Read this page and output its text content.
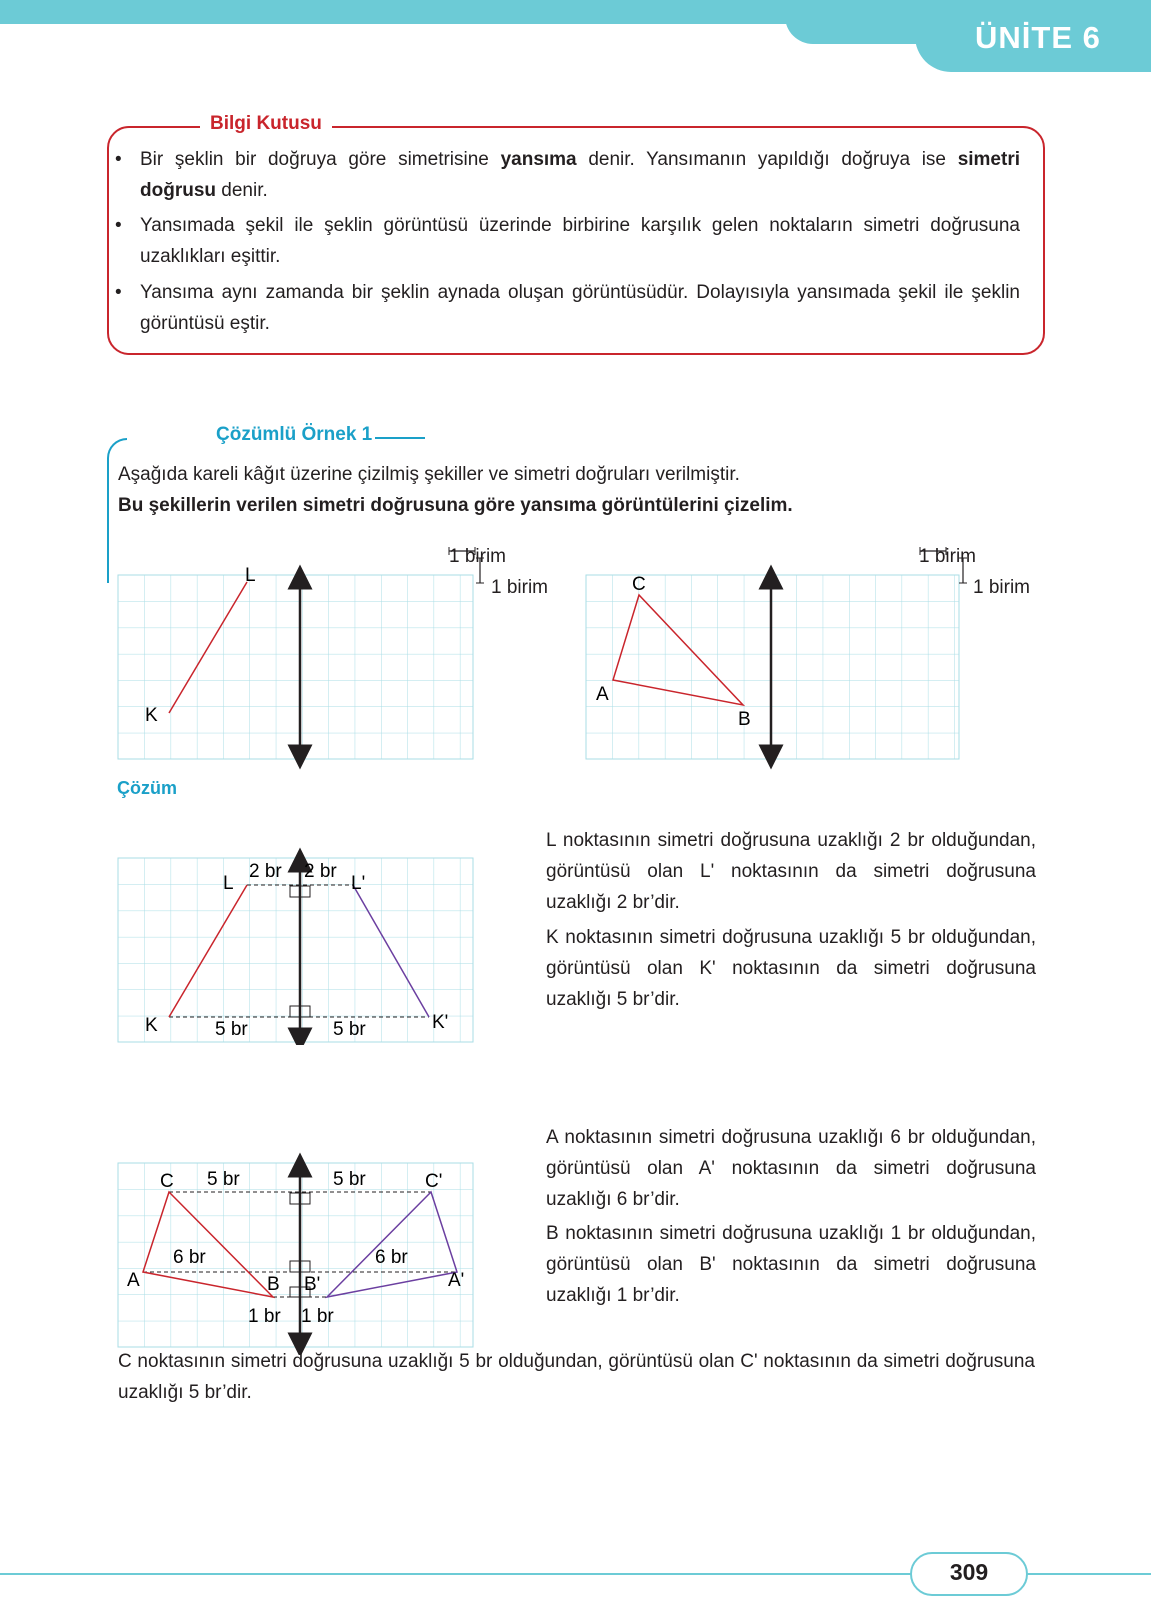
ÜNİTE 6
Bilgi Kutusu
• Bir şeklin bir doğruya göre simetrisine yansıma denir. Yansımanın yapıldığı doğruya ise simetri doğrusu denir.
• Yansımada şekil ile şeklin görüntüsü üzerinde birbirine karşılık gelen noktaların simetri doğrusuna uzaklıkları eşittir.
• Yansıma aynı zamanda bir şeklin aynada oluşan görüntüsüdür. Dolayısıyla yansımada şekil ile şeklin görüntüsü eştir.
Çözümlü Örnek 1
Aşağıda kareli kâğıt üzerine çizilmiş şekiller ve simetri doğruları verilmiştir.
Bu şekillerin verilen simetri doğrusuna göre yansıma görüntülerini çizelim.
K
L
1 birim
1 birim	C
A
B
1 birim
1 birim
Çözüm
K
L	L'
K'
2 br 2 br
5 br	5 br
L noktasının simetri doğrusuna uzaklığı 2 br olduğundan, görüntüsü olan L' noktasının da simetri doğrusuna uzaklığı 2 br’dir.
K noktasının simetri doğrusuna uzaklığı 5 br olduğundan, görüntüsü olan K' noktasının da simetri doğrusuna uzaklığı 5 br’dir.
C
A	B B'
C'
A'
5 br	5 br
6 br	6 br
1 br 1 br
A noktasının simetri doğrusuna uzaklığı 6 br olduğundan, görüntüsü olan A' noktasının da simetri doğrusuna uzaklığı 6 br’dir.
B noktasının simetri doğrusuna uzaklığı 1 br olduğundan, görüntüsü olan B' noktasının da simetri doğrusuna uzaklığı 1 br’dir.
C noktasının simetri doğrusuna uzaklığı 5 br olduğundan, görüntüsü olan C' noktasının da simetri doğrusuna uzaklığı 5 br’dir.
309
